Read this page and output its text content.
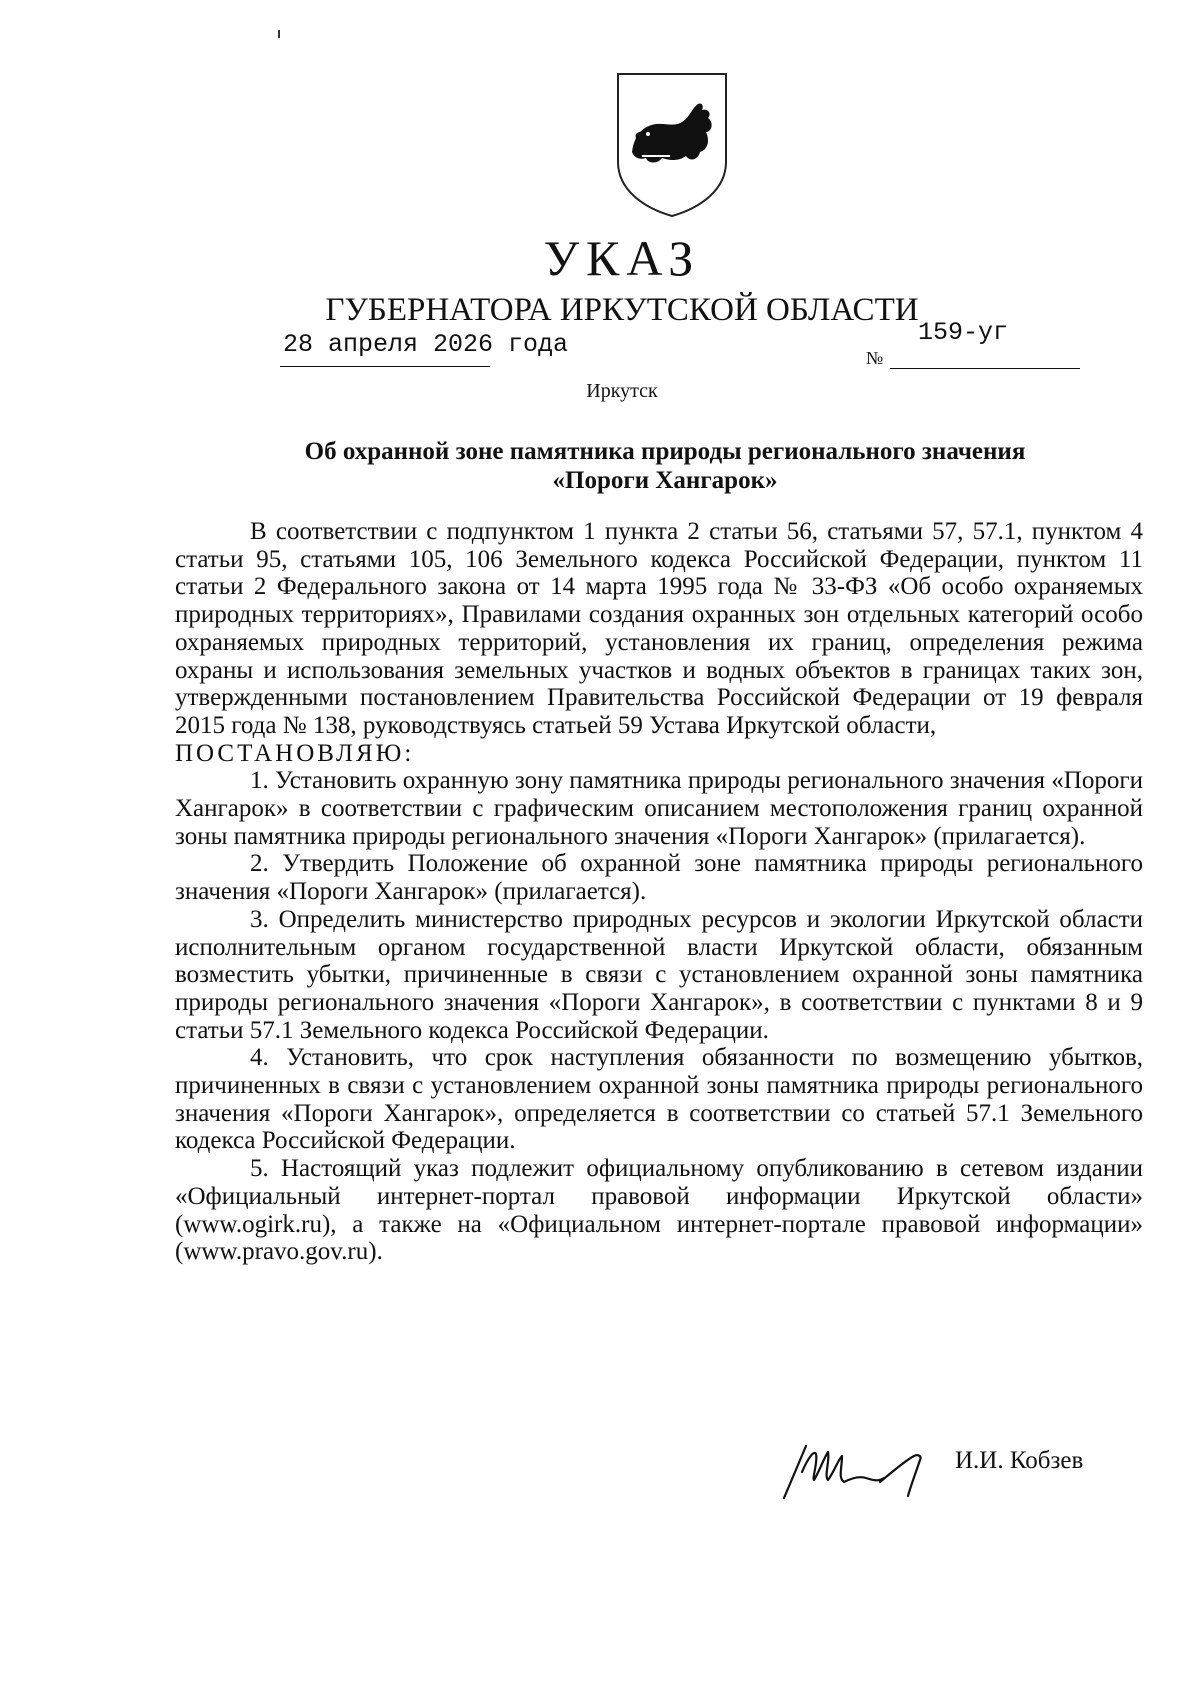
УКАЗ
ГУБЕРНАТОРА ИРКУТСКОЙ ОБЛАСТИ
28 апреля 2026 года	№
159-уг
Иркутск
Об охранной зоне памятника природы регионального значения
«Пороги Хангарок»

В соответствии с подпунктом 1 пункта 2 статьи 56, статьями 57, 57.1, пунктом 4 статьи 95, статьями 105, 106 Земельного кодекса Российской Федерации, пунктом 11 статьи 2 Федерального закона от 14 марта 1995 года № 33-ФЗ «Об особо охраняемых природных территориях», Правилами создания охранных зон отдельных категорий особо охраняемых природных территорий, установления их границ, определения режима охраны и использования земельных участков и водных объектов в границах таких зон, утвержденными постановлением Правительства Российской Федерации от 19 февраля 2015 года № 138, руководствуясь статьей 59 Устава Иркутской области,

ПОСТАНОВЛЯЮ:

1. Установить охранную зону памятника природы регионального значения «Пороги Хангарок» в соответствии с графическим описанием местоположения границ охранной зоны памятника природы регионального значения «Пороги Хангарок» (прилагается).

2. Утвердить Положение об охранной зоне памятника природы регионального значения «Пороги Хангарок» (прилагается).

3. Определить министерство природных ресурсов и экологии Иркутской области исполнительным органом государственной власти Иркутской области, обязанным возместить убытки, причиненные в связи с установлением охранной зоны памятника природы регионального значения «Пороги Хангарок», в соответствии с пунктами 8 и 9 статьи 57.1 Земельного кодекса Российской Федерации.

4. Установить, что срок наступления обязанности по возмещению убытков, причиненных в связи с установлением охранной зоны памятника природы регионального значения «Пороги Хангарок», определяется в соответствии со статьей 57.1 Земельного кодекса Российской Федерации.

5. Настоящий указ подлежит официальному опубликованию в сетевом издании «Официальный интернет-портал правовой информации Иркутской области» (www.ogirk.ru), а также на «Официальном интернет-портале правовой информации» (www.pravo.gov.ru).

И.И. Кобзев
